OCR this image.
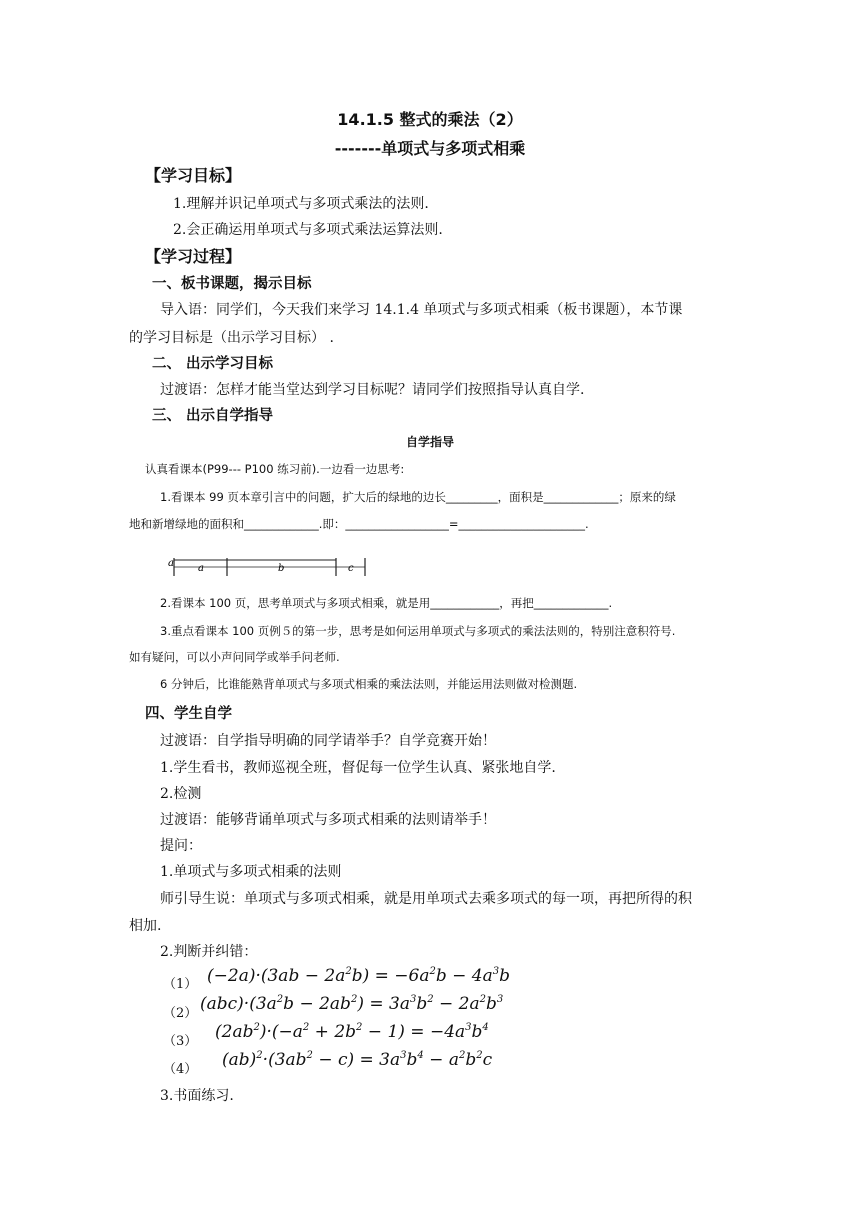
14.1.5 整式的乘法（2）
-------单项式与多项式相乘
【学习目标】
1.理解并识记单项式与多项式乘法的法则.
2.会正确运用单项式与多项式乘法运算法则.
【学习过程】
一、板书课题，揭示目标
导入语：同学们，今天我们来学习 14.1.4 单项式与多项式相乘（板书课题），本节课
的学习目标是（出示学习目标） .
二、 出示学习目标
过渡语：怎样才能当堂达到学习目标呢？请同学们按照指导认真自学.
三、 出示自学指导
自学指导
认真看课本(P99--- P100 练习前).一边看一边思考:
1.看课本 99 页本章引言中的问题，扩大后的绿地的边长_________，面积是_____________；原来的绿
地和新增绿地的面积和_____________.即：__________________=______________________.
a a	b	c
2.看课本 100 页，思考单项式与多项式相乘，就是用____________，再把_____________.
3.重点看课本 100 页例５的第一步，思考是如何运用单项式与多项式的乘法法则的，特别注意积符号.
如有疑问，可以小声问同学或举手问老师.
6 分钟后，比谁能熟背单项式与多项式相乘的乘法法则，并能运用法则做对检测题.
四、学生自学
过渡语：自学指导明确的同学请举手？自学竞赛开始！
1.学生看书，教师巡视全班，督促每一位学生认真、紧张地自学.
2.检测
过渡语：能够背诵单项式与多项式相乘的法则请举手！
提问：
1.单项式与多项式相乘的法则
师引导生说：单项式与多项式相乘，就是用单项式去乘多项式的每一项，再把所得的积
相加.
2.判断并纠错：
（1） $(-2a)\cdot(3ab - 2a^2b) = -6a^2b - 4a^3b$
（2） $(abc)\cdot(3a^2b - 2ab^2) = 3a^3b^2 - 2a^2b^3$
（3） $(2ab^2)\cdot(-a^2 + 2b^2 - 1) = -4a^3b^4$
（4） $(ab)^2\cdot(3ab^2 - c) = 3a^3b^4 - a^2b^2c$
3.书面练习.
